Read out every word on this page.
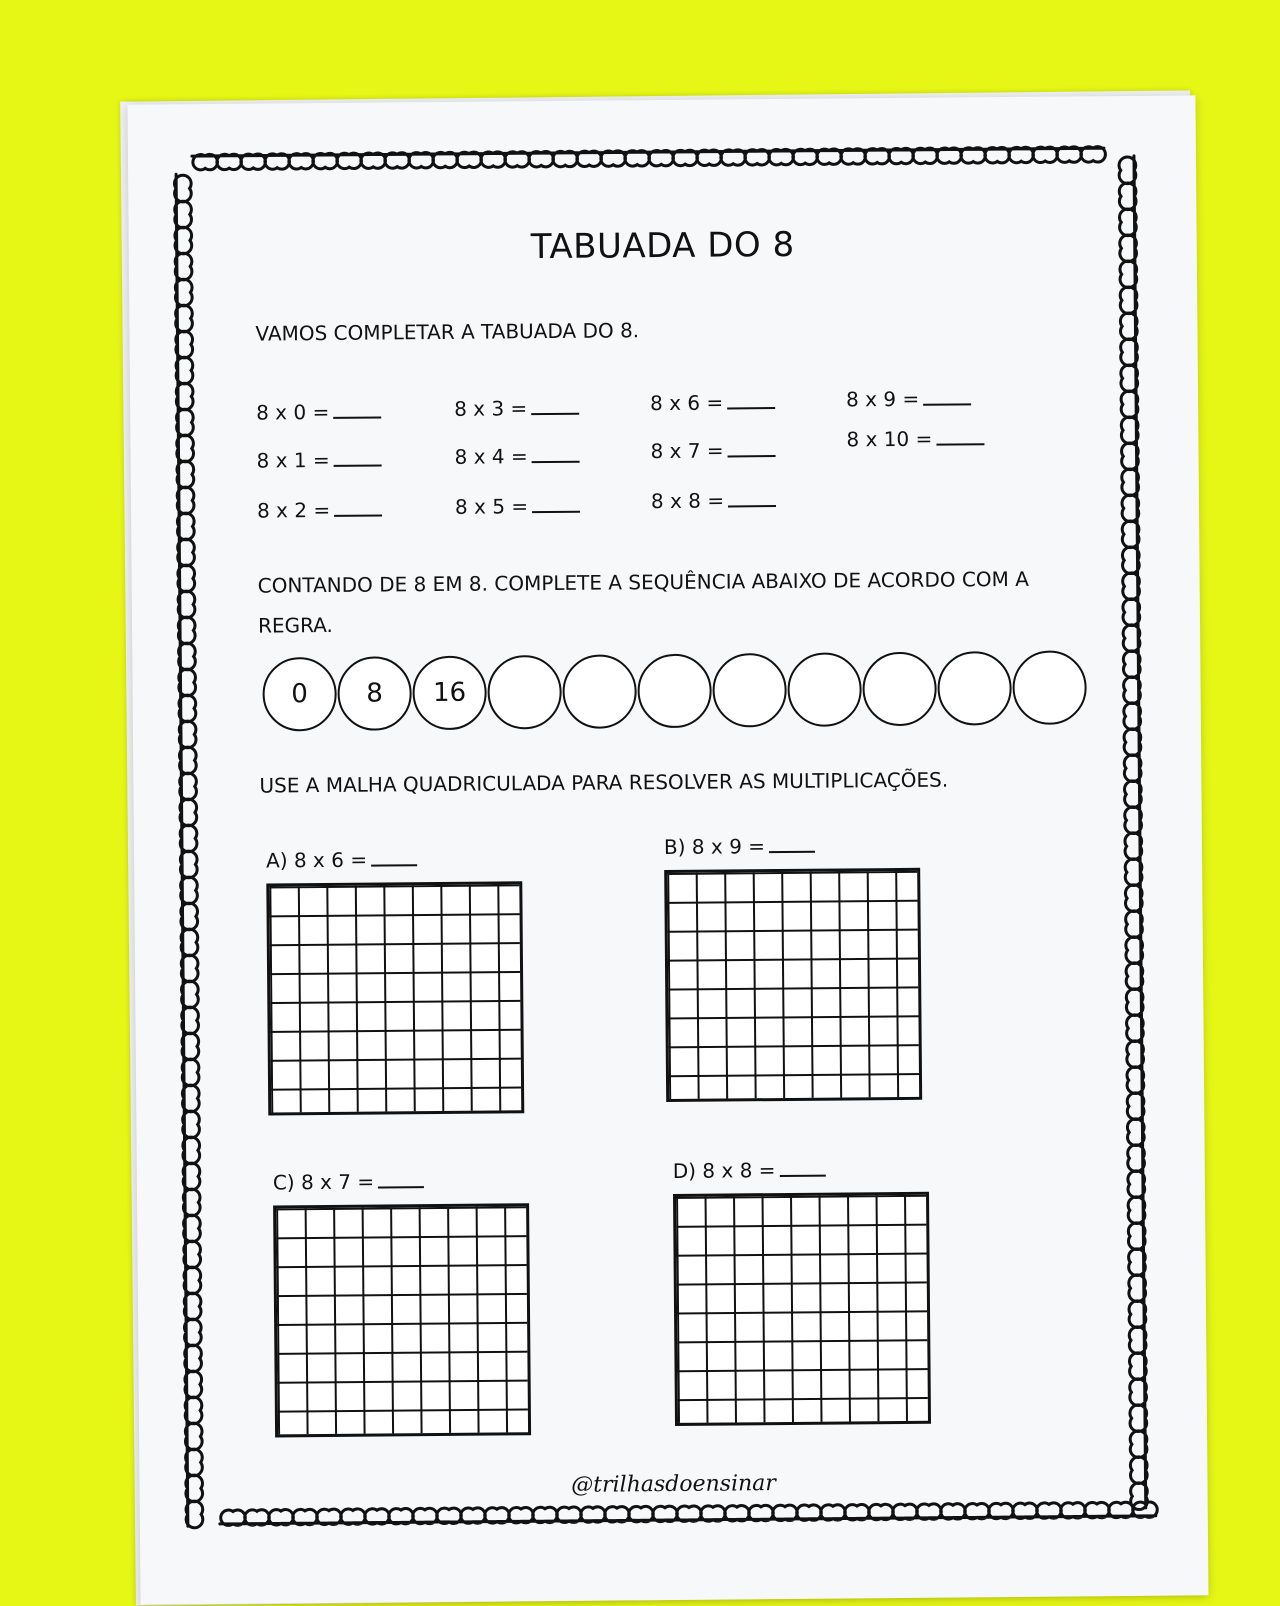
TABUADA DO 8
VAMOS COMPLETAR A TABUADA DO 8.
8 x 0 =
8 x 1 =
8 x 2 =
8 x 3 =
8 x 4 =
8 x 5 =
8 x 6 =
8 x 7 =
8 x 8 =
8 x 9 =
8 x 10 =
CONTANDO DE 8 EM 8. COMPLETE A SEQUÊNCIA ABAIXO DE ACORDO COM A
REGRA.
0	8	16
USE A MALHA QUADRICULADA PARA RESOLVER AS MULTIPLICAÇÕES.
A) 8 x 6 =
B) 8 x 9 =
C) 8 x 7 =	D) 8 x 8 =
@trilhasdoensinar
